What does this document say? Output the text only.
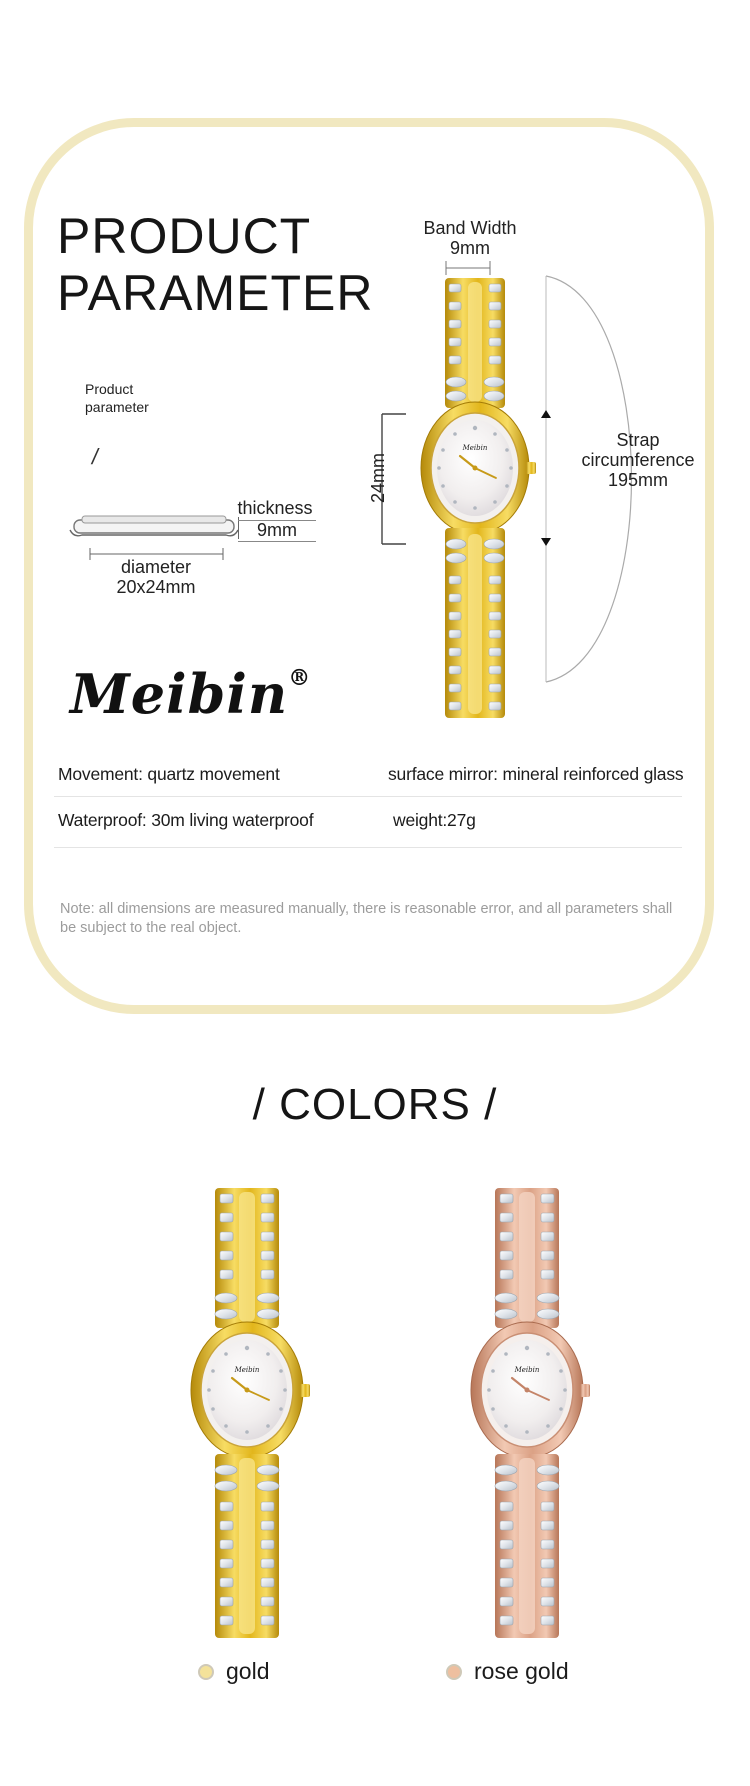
PRODUCT
PARAMETER
Product
parameter
/
thickness
9mm
diameter
20x24mm
Meibin®
Band Width
9mm
24mm
Strap
circumference
195mm
Meibin
Movement: quartz movement	surface mirror: mineral reinforced glass
Waterproof: 30m living waterproof	weight:27g
Note: all dimensions are measured manually, there is reasonable error, and all parameters shall be subject to the real object.
/ COLORS /
Meibin	Meibin
gold	rose gold
